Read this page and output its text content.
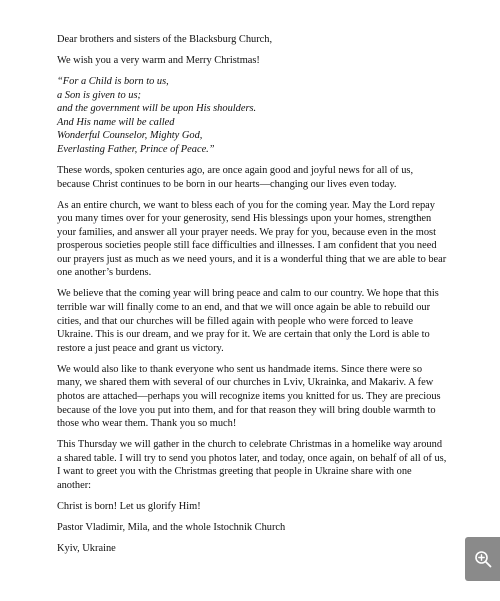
Dear brothers and sisters of the Blacksburg Church,

We wish you a very warm and Merry Christmas!

“For a Child is born to us,
a Son is given to us;
and the government will be upon His shoulders.
And His name will be called
Wonderful Counselor, Mighty God,
Everlasting Father, Prince of Peace.”

These words, spoken centuries ago, are once again good and joyful news for all of us, because Christ continues to be born in our hearts—changing our lives even today.

As an entire church, we want to bless each of you for the coming year. May the Lord repay you many times over for your generosity, send His blessings upon your homes, strengthen your families, and answer all your prayer needs. We pray for you, because even in the most prosperous societies people still face difficulties and illnesses. I am confident that you need our prayers just as much as we need yours, and it is a wonderful thing that we are able to bear one another’s burdens.

We believe that the coming year will bring peace and calm to our country. We hope that this terrible war will finally come to an end, and that we will once again be able to rebuild our cities, and that our churches will be filled again with people who were forced to leave Ukraine. This is our dream, and we pray for it. We are certain that only the Lord is able to restore a just peace and grant us victory.

We would also like to thank everyone who sent us handmade items. Since there were so many, we shared them with several of our churches in Lviv, Ukrainka, and Makariv. A few photos are attached—perhaps you will recognize items you knitted for us. They are precious because of the love you put into them, and for that reason they will bring double warmth to those who wear them. Thank you so much!

This Thursday we will gather in the church to celebrate Christmas in a homelike way around a shared table. I will try to send you photos later, and today, once again, on behalf of all of us, I want to greet you with the Christmas greeting that people in Ukraine share with one another:

Christ is born! Let us glorify Him!

Pastor Vladimir, Mila, and the whole Istochnik Church

Kyiv, Ukraine
